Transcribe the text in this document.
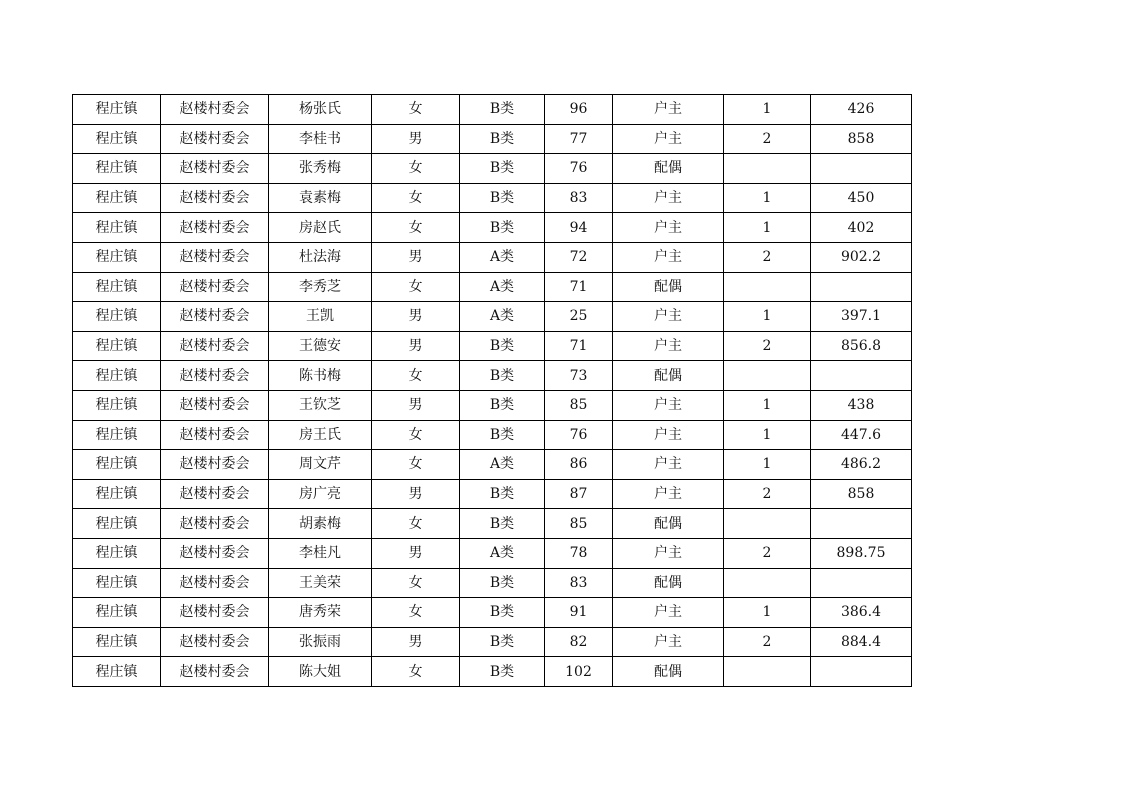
程庄镇	赵楼村委会	杨张氏	女	B类	96	户主	1	426
程庄镇	赵楼村委会	李桂书	男	B类	77	户主	2	858
程庄镇	赵楼村委会	张秀梅	女	B类	76	配偶		
程庄镇	赵楼村委会	袁素梅	女	B类	83	户主	1	450
程庄镇	赵楼村委会	房赵氏	女	B类	94	户主	1	402
程庄镇	赵楼村委会	杜法海	男	A类	72	户主	2	902.2
程庄镇	赵楼村委会	李秀芝	女	A类	71	配偶		
程庄镇	赵楼村委会	王凯	男	A类	25	户主	1	397.1
程庄镇	赵楼村委会	王德安	男	B类	71	户主	2	856.8
程庄镇	赵楼村委会	陈书梅	女	B类	73	配偶		
程庄镇	赵楼村委会	王钦芝	男	B类	85	户主	1	438
程庄镇	赵楼村委会	房王氏	女	B类	76	户主	1	447.6
程庄镇	赵楼村委会	周文芹	女	A类	86	户主	1	486.2
程庄镇	赵楼村委会	房广亮	男	B类	87	户主	2	858
程庄镇	赵楼村委会	胡素梅	女	B类	85	配偶		
程庄镇	赵楼村委会	李桂凡	男	A类	78	户主	2	898.75
程庄镇	赵楼村委会	王美荣	女	B类	83	配偶		
程庄镇	赵楼村委会	唐秀荣	女	B类	91	户主	1	386.4
程庄镇	赵楼村委会	张振雨	男	B类	82	户主	2	884.4
程庄镇	赵楼村委会	陈大姐	女	B类	102	配偶		
